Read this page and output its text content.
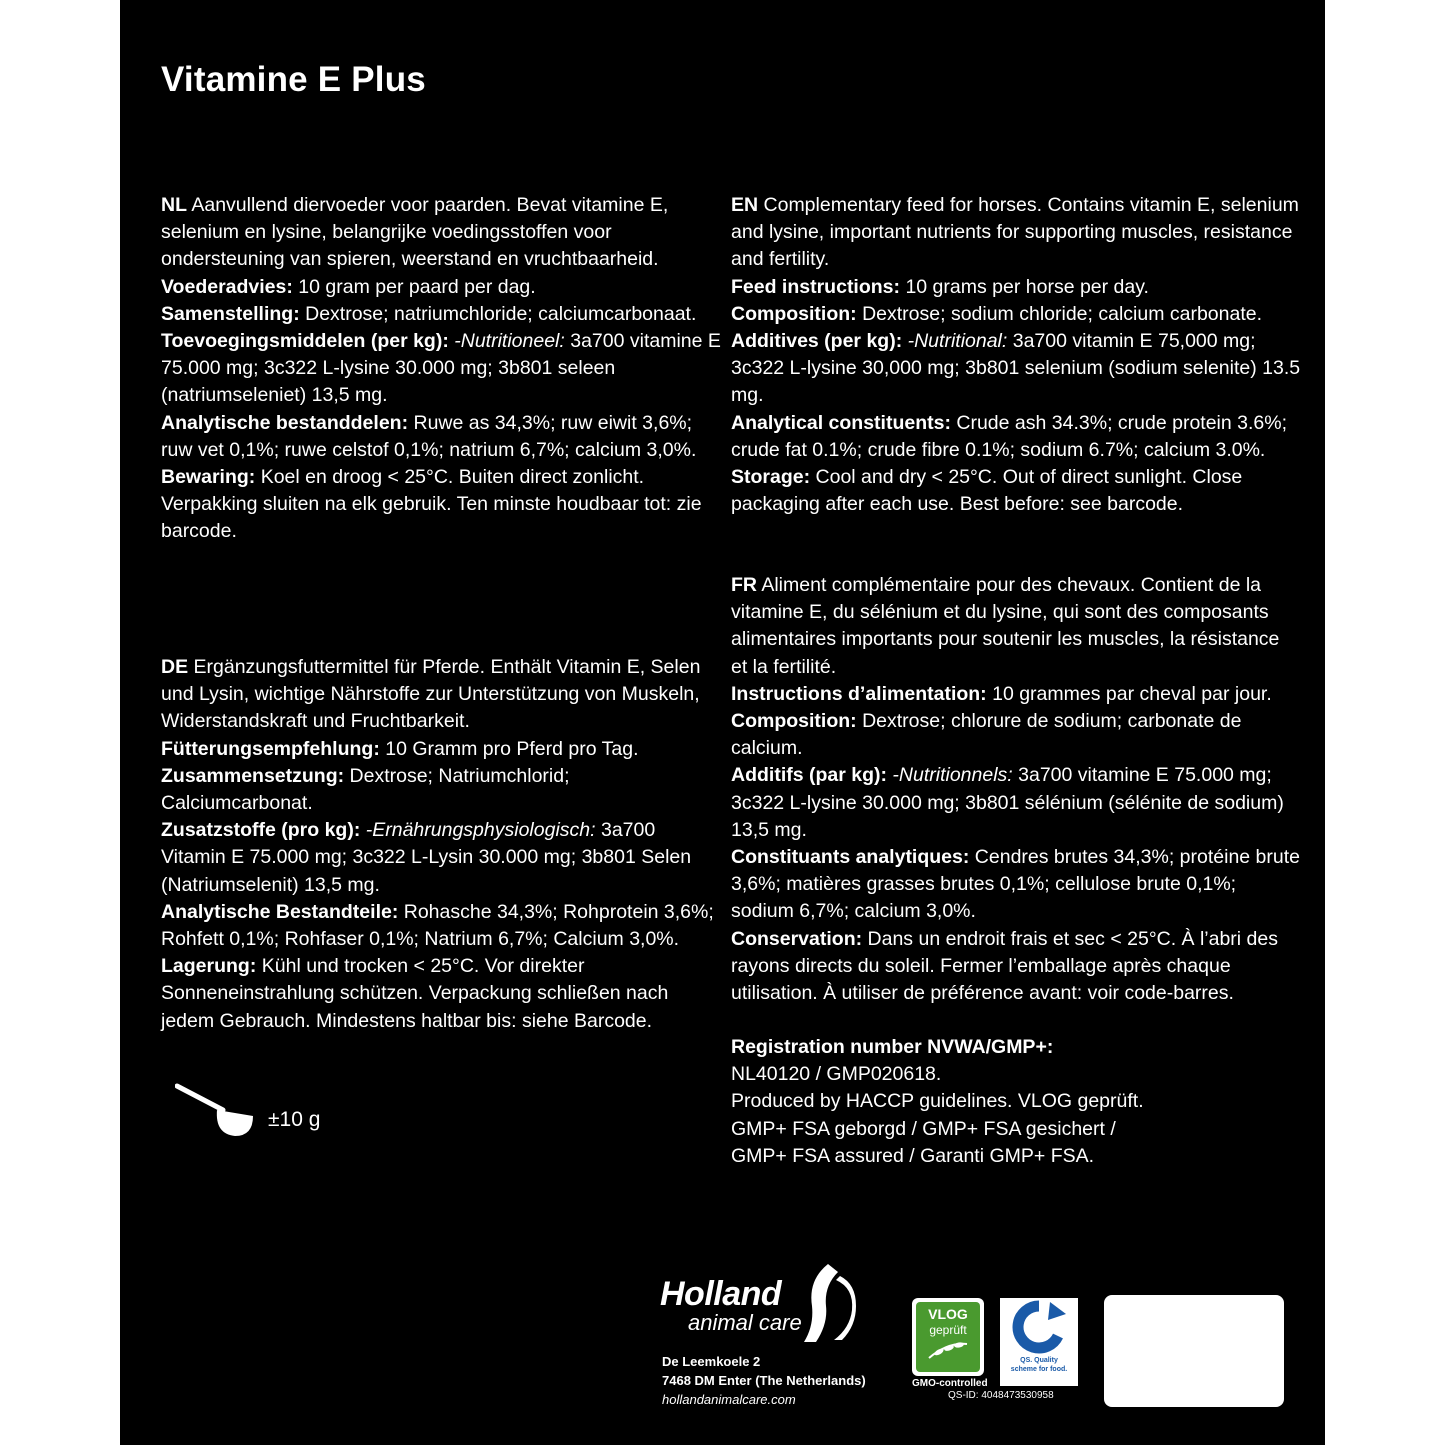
Vitamine E Plus

NL Aanvullend diervoeder voor paarden. Bevat vitamine E, selenium en lysine, belangrijke voedingsstoffen voor ondersteuning van spieren, weerstand en vruchtbaarheid.

Voederadvies: 10 gram per paard per dag.

Samenstelling: Dextrose; natriumchloride; calciumcarbonaat.

Toevoegingsmiddelen (per kg): -Nutritioneel: 3a700 vitamine E 75.000 mg; 3c322 L-lysine 30.000 mg; 3b801 seleen (natriumseleniet) 13,5 mg.

Analytische bestanddelen: Ruwe as 34,3%; ruw eiwit 3,6%; ruw vet 0,1%; ruwe celstof 0,1%; natrium 6,7%; calcium 3,0%.

Bewaring: Koel en droog < 25°C. Buiten direct zonlicht. Verpakking sluiten na elk gebruik. Ten minste houdbaar tot: zie barcode.

DE Ergänzungsfuttermittel für Pferde. Enthält Vitamin E, Selen und Lysin, wichtige Nährstoffe zur Unterstützung von Muskeln, Widerstandskraft und Fruchtbarkeit.

Fütterungsempfehlung: 10 Gramm pro Pferd pro Tag.

Zusammensetzung: Dextrose; Natriumchlorid; Calciumcarbonat.

Zusatzstoffe (pro kg): -Ernährungsphysiologisch: 3a700 Vitamin E 75.000 mg; 3c322 L-Lysin 30.000 mg; 3b801 Selen (Natriumselenit) 13,5 mg.

Analytische Bestandteile: Rohasche 34,3%; Rohprotein 3,6%; Rohfett 0,1%; Rohfaser 0,1%; Natrium 6,7%; Calcium 3,0%.

Lagerung: Kühl und trocken < 25°C. Vor direkter Sonneneinstrahlung schützen. Verpackung schließen nach jedem Gebrauch. Mindestens haltbar bis: siehe Barcode.

EN Complementary feed for horses. Contains vitamin E, selenium and lysine, important nutrients for supporting muscles, resistance and fertility.

Feed instructions: 10 grams per horse per day.

Composition: Dextrose; sodium chloride; calcium carbonate.

Additives (per kg): -Nutritional: 3a700 vitamin E 75,000 mg; 3c322 L-lysine 30,000 mg; 3b801 selenium (sodium selenite) 13.5 mg.

Analytical constituents: Crude ash 34.3%; crude protein 3.6%; crude fat 0.1%; crude fibre 0.1%; sodium 6.7%; calcium 3.0%.

Storage: Cool and dry < 25°C. Out of direct sunlight. Close packaging after each use. Best before: see barcode.

FR Aliment complémentaire pour des chevaux. Contient de la vitamine E, du sélénium et du lysine, qui sont des composants alimentaires importants pour soutenir les muscles, la résistance et la fertilité.

Instructions d’alimentation: 10 grammes par cheval par jour.

Composition: Dextrose; chlorure de sodium; carbonate de calcium.

Additifs (par kg): -Nutritionnels: 3a700 vitamine E 75.000 mg; 3c322 L-lysine 30.000 mg; 3b801 sélénium (sélénite de sodium) 13,5 mg.

Constituants analytiques: Cendres brutes 34,3%; protéine brute 3,6%; matières grasses brutes 0,1%; cellulose brute 0,1%; sodium 6,7%; calcium 3,0%.

Conservation: Dans un endroit frais et sec < 25°C. À l’abri des rayons directs du soleil. Fermer l’emballage après chaque utilisation. À utiliser de préférence avant: voir code-barres.

Registration number NVWA/GMP+:

NL40120 / GMP020618.

Produced by HACCP guidelines. VLOG geprüft.

GMP+ FSA geborgd / GMP+ FSA gesichert /

GMP+ FSA assured / Garanti GMP+ FSA.

±10 g
Holland
animal care
De Leemkoele 2
7468 DM Enter (The Netherlands)
hollandanimalcare.com
VLOG
geprüft
GMO-controlled
QS. Quality
scheme for food.
QS-ID: 4048473530958
